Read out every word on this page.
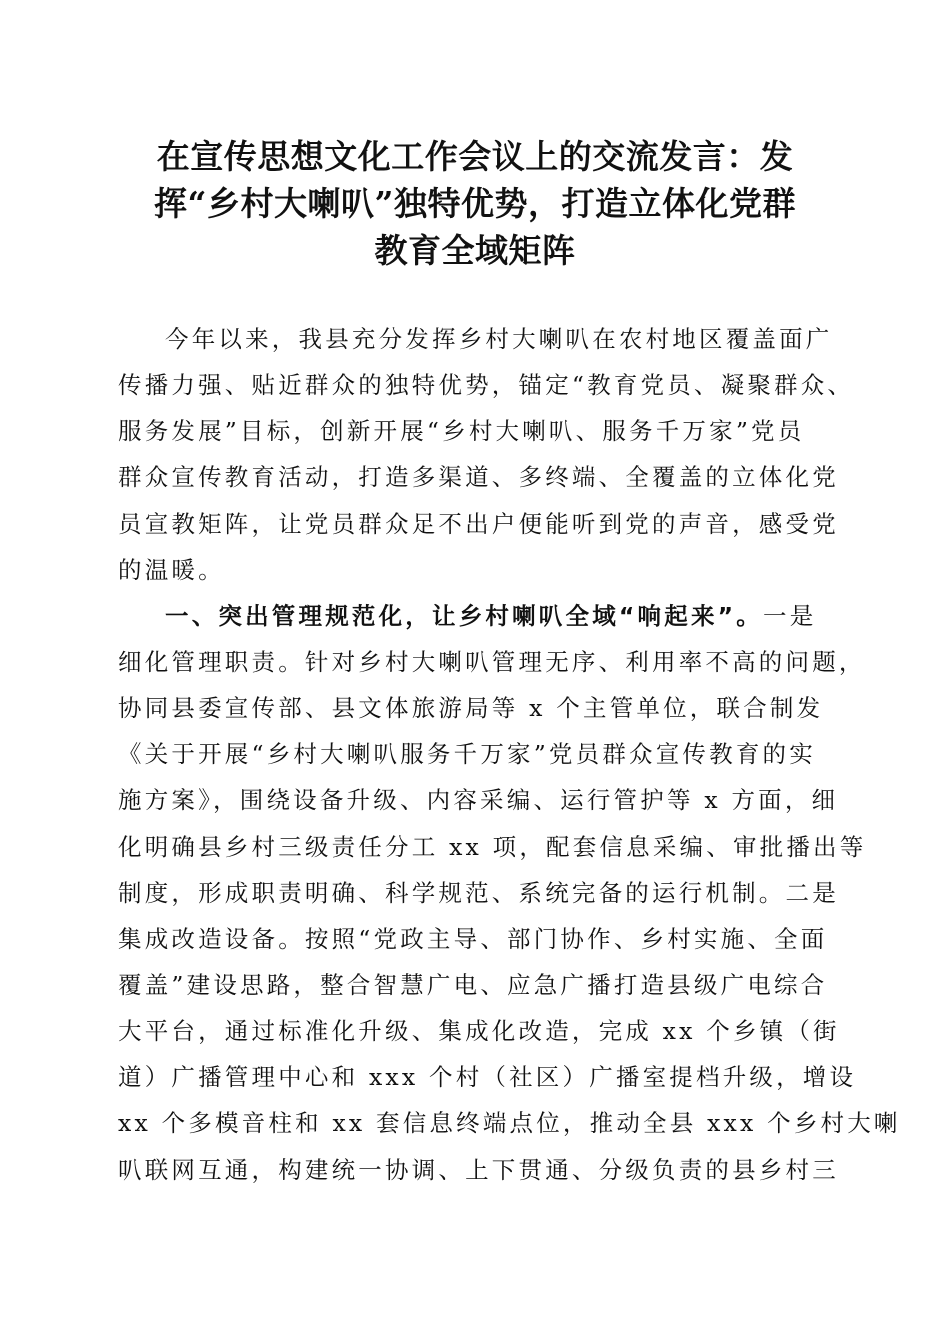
在宣传思想文化工作会议上的交流发言：发
挥“乡村大喇叭”独特优势，打造立体化党群
教育全域矩阵
今年以来，我县充分发挥乡村大喇叭在农村地区覆盖面广
传播力强、贴近群众的独特优势，锚定“教育党员、凝聚群众、
服务发展”目标，创新开展“乡村大喇叭、服务千万家”党员
群众宣传教育活动，打造多渠道、多终端、全覆盖的立体化党
员宣教矩阵，让党员群众足不出户便能听到党的声音，感受党
的温暖。
一、突出管理规范化，让乡村喇叭全域“响起来”。一是
细化管理职责。针对乡村大喇叭管理无序、利用率不高的问题，
协同县委宣传部、县文体旅游局等 x 个主管单位，联合制发
《关于开展“乡村大喇叭服务千万家”党员群众宣传教育的实
施方案》，围绕设备升级、内容采编、运行管护等 x 方面，细
化明确县乡村三级责任分工 xx 项，配套信息采编、审批播出等
制度，形成职责明确、科学规范、系统完备的运行机制。二是
集成改造设备。按照“党政主导、部门协作、乡村实施、全面
覆盖”建设思路，整合智慧广电、应急广播打造县级广电综合
大平台，通过标准化升级、集成化改造，完成 xx 个乡镇（街
道）广播管理中心和 xxx 个村（社区）广播室提档升级，增设
xx 个多模音柱和 xx 套信息终端点位，推动全县 xxx 个乡村大喇
叭联网互通，构建统一协调、上下贯通、分级负责的县乡村三
